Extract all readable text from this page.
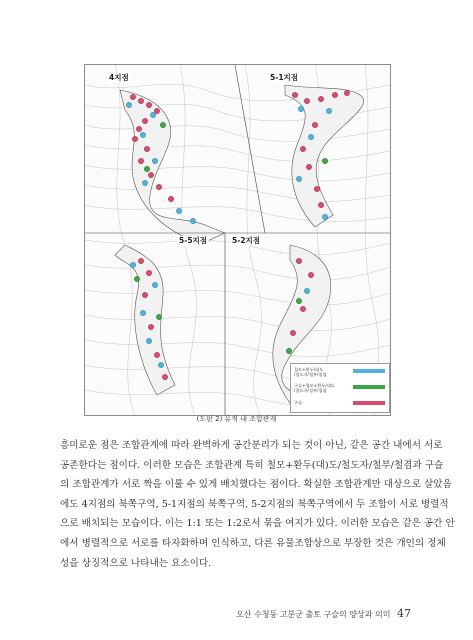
4지점	5-1지점
5-5지점	5-2지점
철모+환두/대도
/철도자/철부/철겸
구슬+철모+환두/대도
/철도자/철부/철겸
구슬
(도판 2) 유적 내 조합관계
흥미로운 점은 조합관계에 따라 완벽하게 공간분리가 되는 것이 아닌, 같은 공간 내에서 서로
공존한다는 점이다. 이러한 모습은 조합관계 특히 철모+환두(대)도/철도자/철부/철겸과 구슬
의 조합관계가 서로 짝을 이룰 수 있게 배치했다는 점이다. 확실한 조합관계만 대상으로 살았음
에도 4지점의 북쪽구역, 5-1지점의 북쪽구역, 5-2지점의 북쪽구역에서 두 조합이 서로 병렬적
으로 배치되는 모습이다. 이는 1:1 또는 1:2로서 묶을 여지가 있다. 이러한 모습은 같은 공간 안
에서 병렬적으로 서로를 타자화하며 인식하고, 다른 유물조합상으로 부장한 것은 개인의 정체
성을 상징적으로 나타내는 요소이다.
오산 수청동 고분군 출토 구슬의 양상과 의미 47
